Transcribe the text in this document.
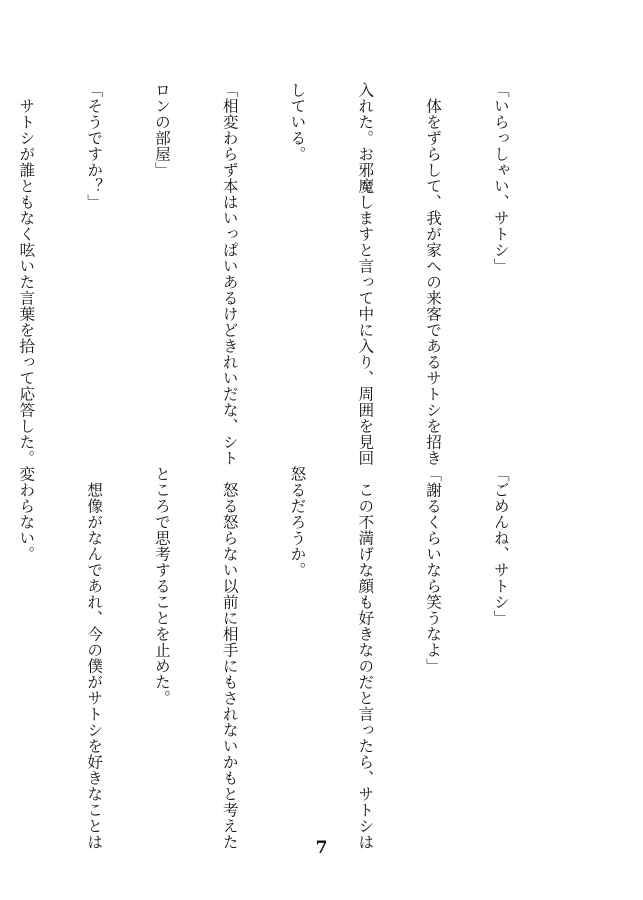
「いらっしゃい、サトシ」

　体をずらして、我が家への来客であるサトシを招き

入れた。お邪魔しますと言って中に入り、周囲を見回

している。

「相変わらず本はいっぱいあるけどきれいだな、シト

ロンの部屋」

「そうですか？」

　サトシが誰ともなく呟いた言葉を拾って応答した。

「ごめんね、サトシ」

「謝るくらいなら笑うなよ」

　この不満げな顔も好きなのだと言ったら、サトシは

怒るだろうか。

　怒る怒らない以前に相手にもされないかもと考えた

ところで思考することを止めた。

　想像がなんであれ、今の僕がサトシを好きなことは

変わらない。

7
